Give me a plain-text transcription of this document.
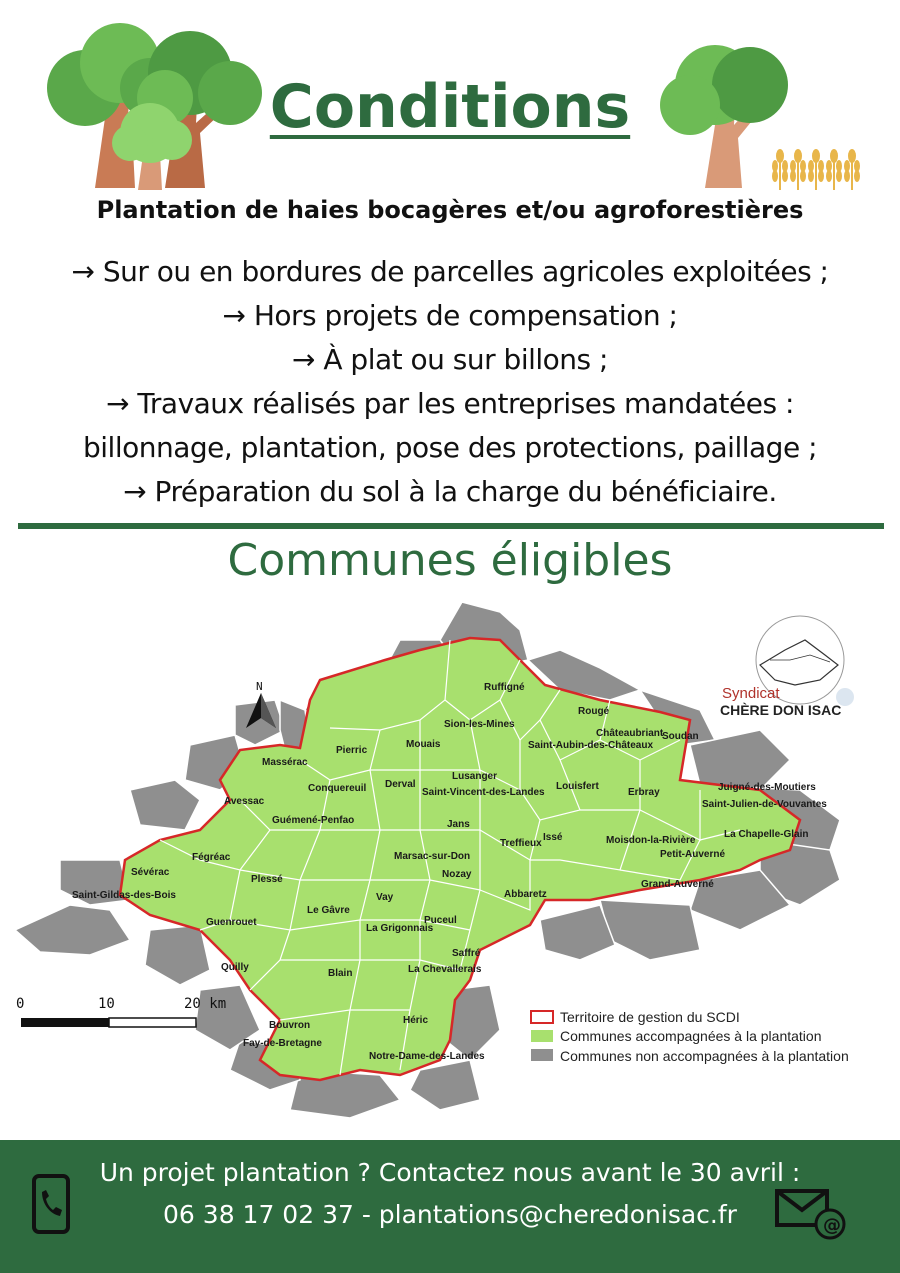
Conditions
Plantation de haies bocagères et/ou agroforestières
→ Sur ou en bordures de parcelles agricoles exploitées ;
→ Hors projets de compensation ;
→ À plat ou sur billons ;
→ Travaux réalisés par les entreprises mandatées :
billonnage, plantation, pose des protections, paillage ;
→ Préparation du sol à la charge du bénéficiaire.
Communes éligibles
Ruffigné
Rougé
Sion-les-Mines
Châteaubriant
Soudan
Mouais	Saint-Aubin-des-Châteaux
Pierric
Massérac
Lusanger
Derval
Conquereuil	Saint-Vincent-des-Landes
Louisfert
Erbray	Juigné-des-Moutiers
Saint-Julien-de-Vouvantes
Avessac
Guémené-Penfao	Jans
La Chapelle-Glain
Issé
Treffieux	Moisdon-la-Rivière
Fégréac	Marsac-sur-Don	Petit-Auverné
Sévérac	Nozay
Plessé	Grand-Auverné
Saint-Gildas-des-Bois	Abbaretz
Le Gâvre
Vay
Guenrouet	Puceul
La Grigonnais
Saffré
Quilly	La Chevallerais
Blain
Héric
Bouvron
Fay-de-Bretagne
Notre-Dame-des-Landes
N
0	10	20 km
Territoire de gestion du SCDI
Communes accompagnées à la plantation
Communes non accompagnées à la plantation
Syndicat
CHÈRE DON ISAC
@
Un projet plantation ? Contactez nous avant le 30 avril :
06 38 17 02 37 - plantations@cheredonisac.fr
